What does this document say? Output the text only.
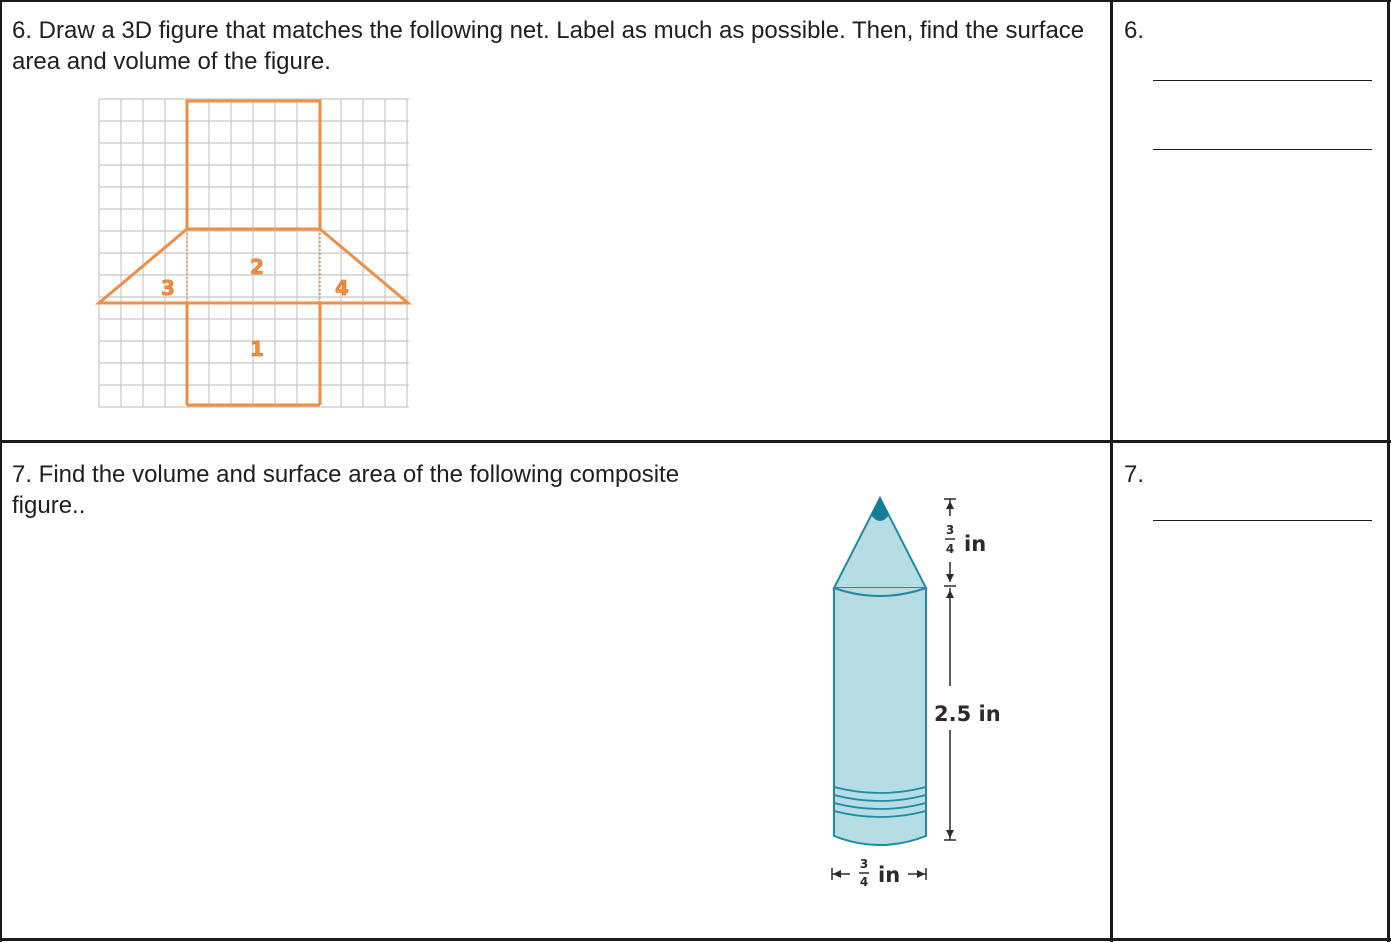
6. Draw a 3D figure that matches the following net. Label as much as possible. Then, find the surface area and volume of the figure.

2
3	4
1

6.

7. Find the volume and surface area of the following composite figure..

3
4 in
2.5 in
3
4 in

7.
